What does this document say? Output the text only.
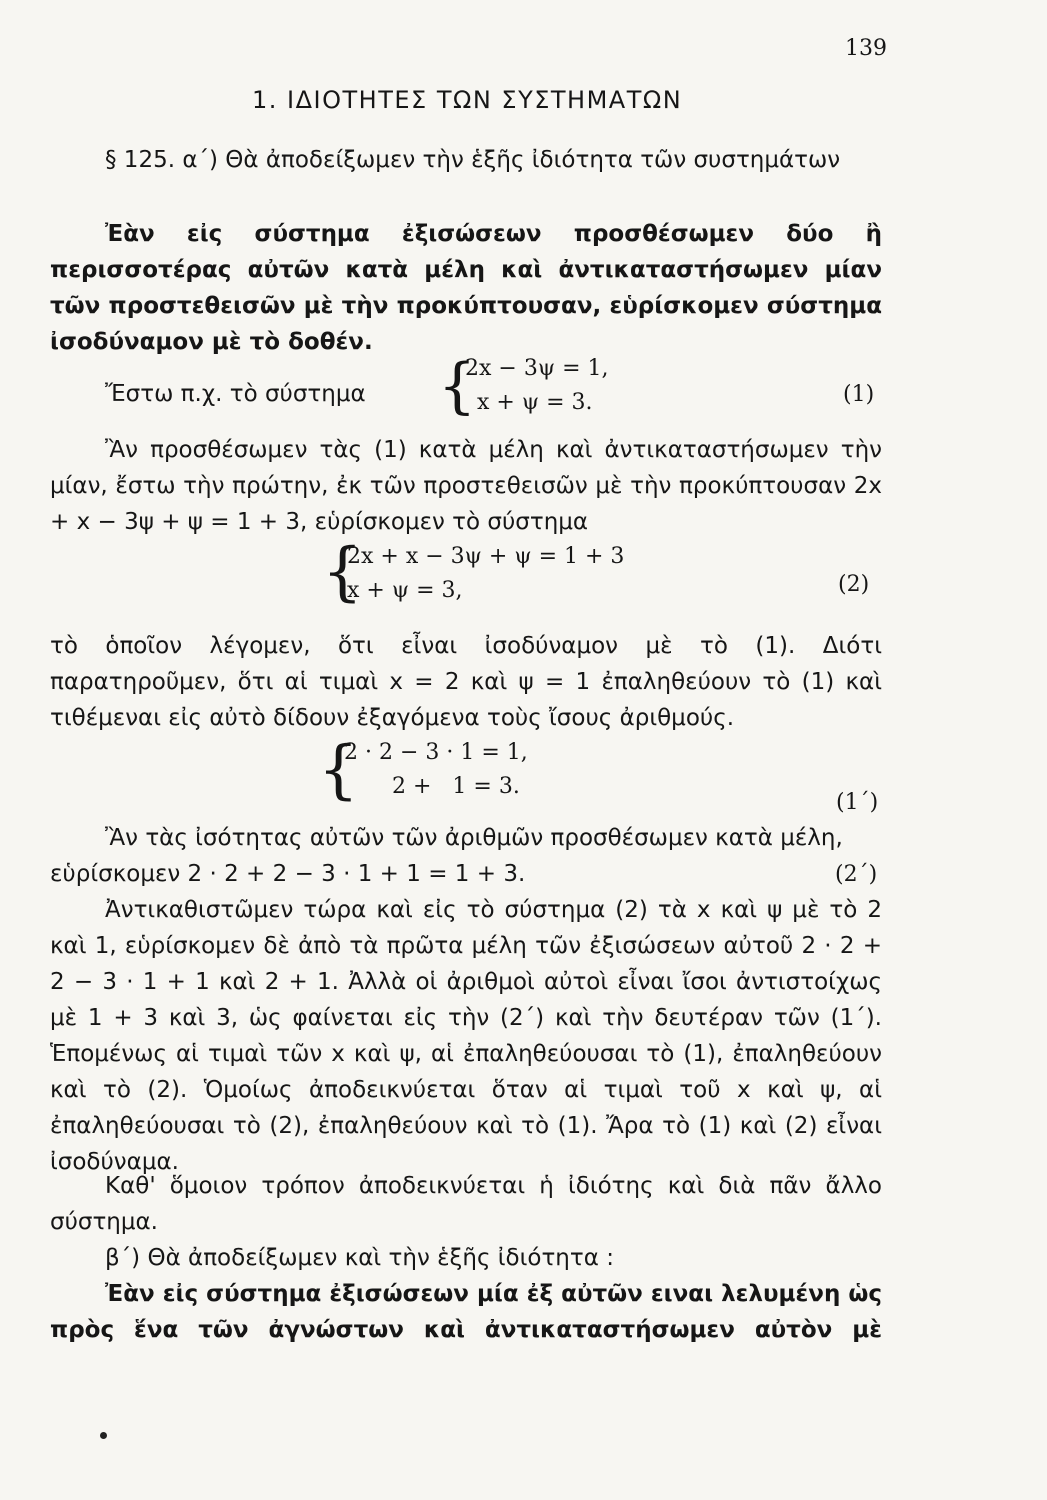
139
1. ΙΔΙΟΤΗΤΕΣ ΤΩΝ ΣΥΣΤΗΜΑΤΩΝ

§ 125. α΄) Θὰ ἀποδείξωμεν τὴν ἑξῆς ἰδιότητα τῶν συστημάτων

Ἐὰν εἰς σύστημα ἐξισώσεων προσθέσωμεν δύο ἢ περισσοτέρας αὐτῶν κατὰ μέλη καὶ ἀντικαταστήσωμεν μίαν τῶν προστεθεισῶν μὲ τὴν προκύπτουσαν, εὑρίσκομεν σύστημα ἰσοδύναμον μὲ τὸ δοθέν.

Ἔστω π.χ. τὸ σύστημα {
2x − 3ψ = 1,
x + ψ = 3.	(1)

Ἂν προσθέσωμεν τὰς (1) κατὰ μέλη καὶ ἀντικαταστήσωμεν τὴν μίαν, ἔστω τὴν πρώτην, ἐκ τῶν προστεθεισῶν μὲ τὴν προκύπτουσαν 2x + x − 3ψ + ψ = 1 + 3, εὑρίσκομεν τὸ σύστημα

{
2x + x − 3ψ + ψ = 1 + 3
x + ψ = 3,	(2)

τὸ ὁποῖον λέγομεν, ὅτι εἶναι ἰσοδύναμον μὲ τὸ (1). Διότι παρατηροῦμεν, ὅτι αἱ τιμαὶ x = 2 καὶ ψ = 1 ἐπαληθεύουν τὸ (1) καὶ τιθέμεναι εἰς αὐτὸ δίδουν ἐξαγόμενα τοὺς ἴσους ἀριθμούς.

{
2 · 2 − 3 · 1 = 1,
2 +   1 = 3.
(1΄)
Ἂν τὰς ἰσότητας αὐτῶν τῶν ἀριθμῶν προσθέσωμεν κατὰ μέλη,
εὑρίσκομεν 2 · 2 + 2 − 3 · 1 + 1 = 1 + 3.	(2΄)

Ἀντικαθιστῶμεν τώρα καὶ εἰς τὸ σύστημα (2) τὰ x καὶ ψ μὲ τὸ 2 καὶ 1, εὑρίσκομεν δὲ ἀπὸ τὰ πρῶτα μέλη τῶν ἐξισώσεων αὐτοῦ 2 · 2 + 2 − 3 · 1 + 1 καὶ 2 + 1. Ἀλλὰ οἱ ἀριθμοὶ αὐτοὶ εἶναι ἴσοι ἀντιστοίχως μὲ 1 + 3 καὶ 3, ὡς φαίνεται εἰς τὴν (2΄) καὶ τὴν δευτέραν τῶν (1΄). Ἑπομένως αἱ τιμαὶ τῶν x καὶ ψ, αἱ ἐπαληθεύουσαι τὸ (1), ἐπαληθεύουν καὶ τὸ (2). Ὁμοίως ἀποδεικνύεται ὅταν αἱ τιμαὶ τοῦ x καὶ ψ, αἱ ἐπαληθεύουσαι τὸ (2), ἐπαληθεύουν καὶ τὸ (1). Ἄρα τὸ (1) καὶ (2) εἶναι ἰσοδύναμα.

Καθ' ὅμοιον τρόπον ἀποδεικνύεται ἡ ἰδιότης καὶ διὰ πᾶν ἄλλο σύστημα.

β΄) Θὰ ἀποδείξωμεν καὶ τὴν ἑξῆς ἰδιότητα :

Ἐὰν εἰς σύστημα ἐξισώσεων μία ἐξ αὐτῶν ειναι λελυμένη ὡς πρὸς ἕνα τῶν ἀγνώστων καὶ ἀντικαταστήσωμεν αὐτὸν μὲ
